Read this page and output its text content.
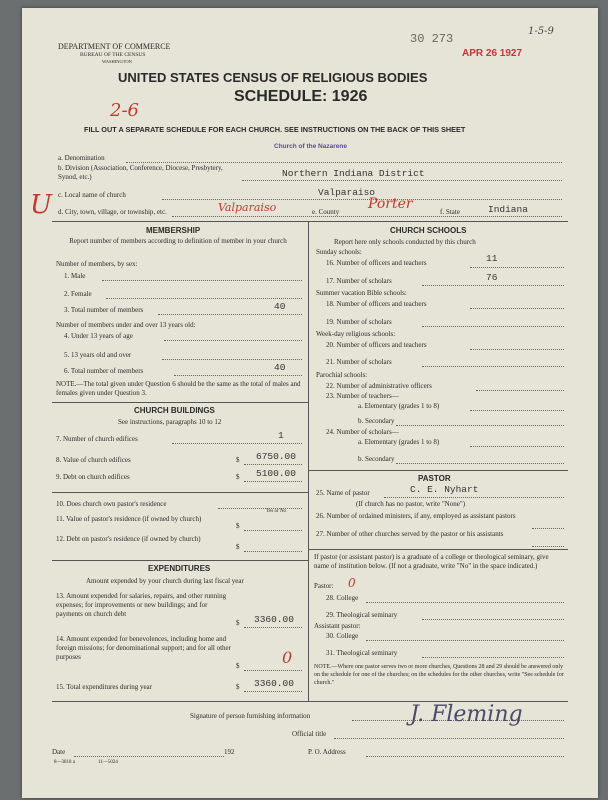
DEPARTMENT OF COMMERCE
BUREAU OF THE CENSUS
WASHINGTON
UNITED STATES CENSUS OF RELIGIOUS BODIES
SCHEDULE: 1926
2-6
FILL OUT A SEPARATE SCHEDULE FOR EACH CHURCH. SEE INSTRUCTIONS ON THE BACK OF THIS SHEET
APR 26 1927
30 273
1-5-9
U
a. Denomination
Church of the Nazarene
b. Division (Association, Conference, Diocese, Presbytery, Synod, etc.)	Northern Indiana District
c. Local name of church	Valparaiso
d. City, town, village, or township, etc.	Valparaiso	e. County Porter	f. State	Indiana
MEMBERSHIP
Report number of members according to definition of member in your church
Number of members, by sex:
1. Male
2. Female
3. Total number of members	40
Number of members under and over 13 years old:
4. Under 13 years of age
5. 13 years old and over
6. Total number of members	40
NOTE.—The total given under Question 6 should be the same as the total of males and females given under Question 3.
CHURCH BUILDINGS
See instructions, paragraphs 10 to 12
7. Number of church edifices	1
8. Value of church edifices	$ 6750.00
9. Debt on church edifices	$ 5100.00
10. Does church own pastor's residence
Yes or No
11. Value of pastor's residence (if owned by church)
$
12. Debt on pastor's residence (if owned by church)
$
EXPENDITURES
Amount expended by your church during last fiscal year
13. Amount expended for salaries, repairs, and other running expenses; for improvements or new buildings; and for payments on church debt
$ 3360.00
14. Amount expended for benevolences, including home and foreign missions; for denominational support; and for all other purposes
$	0
15. Total expenditures during year	$ 3360.00
CHURCH SCHOOLS
Report here only schools conducted by this church
Sunday schools:
16. Number of officers and teachers	11
17. Number of scholars	76
Summer vacation Bible schools:
18. Number of officers and teachers
19. Number of scholars
Week-day religious schools:
20. Number of officers and teachers
21. Number of scholars
Parochial schools:
22. Number of administrative officers
23. Number of teachers—
a. Elementary (grades 1 to 8)
b. Secondary
24. Number of scholars—
a. Elementary (grades 1 to 8)
b. Secondary
PASTOR
25. Name of pastor	C. E. Nyhart
(If church has no pastor, write "None")
26. Number of ordained ministers, if any, employed as assistant pastors
27. Number of other churches served by the pastor or his assistants
If pastor (or assistant pastor) is a graduate of a college or theological seminary, give name of institution below. (If not a graduate, write "No" in the space indicated.)
Pastor: 0
28. College
29. Theological seminary
Assistant pastor:
30. College
31. Theological seminary
NOTE.—Where one pastor serves two or more churches, Questions 28 and 29 should be answered only on the schedule for one of the churches; on the schedules for the other churches, write "See schedule for church."
Signature of person furnishing information	J. Fleming
Official title
Date	192	P. O. Address
8—3818 a	11—5024
